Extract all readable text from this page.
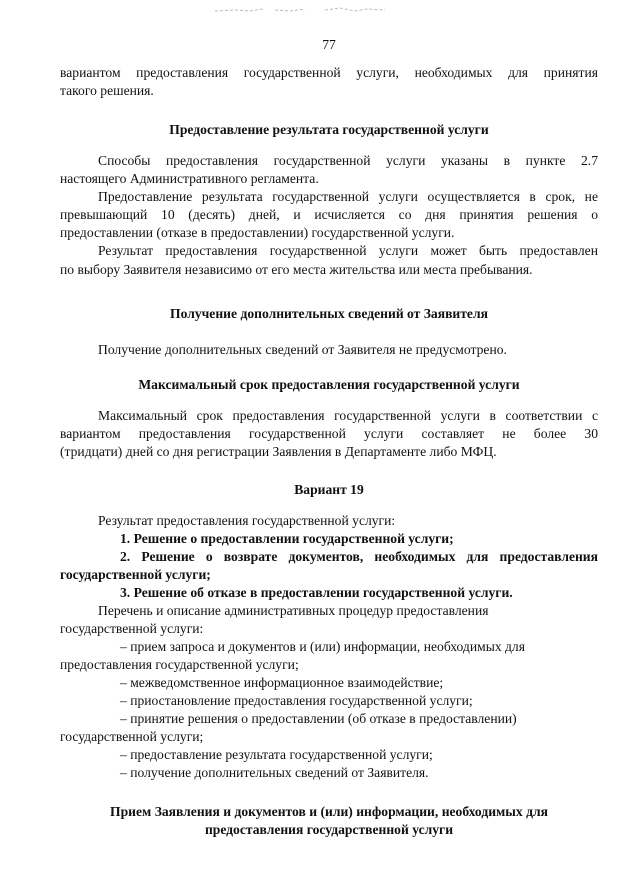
77

вариантом предоставления государственной услуги, необходимых для принятия

такого решения.

Предоставление результата государственной услуги

Способы предоставления государственной услуги указаны в пункте 2.7

настоящего Административного регламента.

Предоставление результата государственной услуги осуществляется в срок, не

превышающий 10 (десять) дней, и исчисляется со дня принятия решения о

предоставлении (отказе в предоставлении) государственной услуги.

Результат предоставления государственной услуги может быть предоставлен

по выбору Заявителя независимо от его места жительства или места пребывания.

Получение дополнительных сведений от Заявителя

Получение дополнительных сведений от Заявителя не предусмотрено.

Максимальный срок предоставления государственной услуги

Максимальный срок предоставления государственной услуги в соответствии с

вариантом предоставления государственной услуги составляет не более 30

(тридцати) дней со дня регистрации Заявления в Департаменте либо МФЦ.

Вариант 19

Результат предоставления государственной услуги:

1. Решение о предоставлении государственной услуги;

2. Решение о возврате документов, необходимых для предоставления

государственной услуги;

3. Решение об отказе в предоставлении государственной услуги.

Перечень и описание административных процедур предоставления

государственной услуги:

– прием запроса и документов и (или) информации, необходимых для

предоставления государственной услуги;

– межведомственное информационное взаимодействие;

– приостановление предоставления государственной услуги;

– принятие решения о предоставлении (об отказе в предоставлении)

государственной услуги;

– предоставление результата государственной услуги;

– получение дополнительных сведений от Заявителя.

Прием Заявления и документов и (или) информации, необходимых для

предоставления государственной услуги
